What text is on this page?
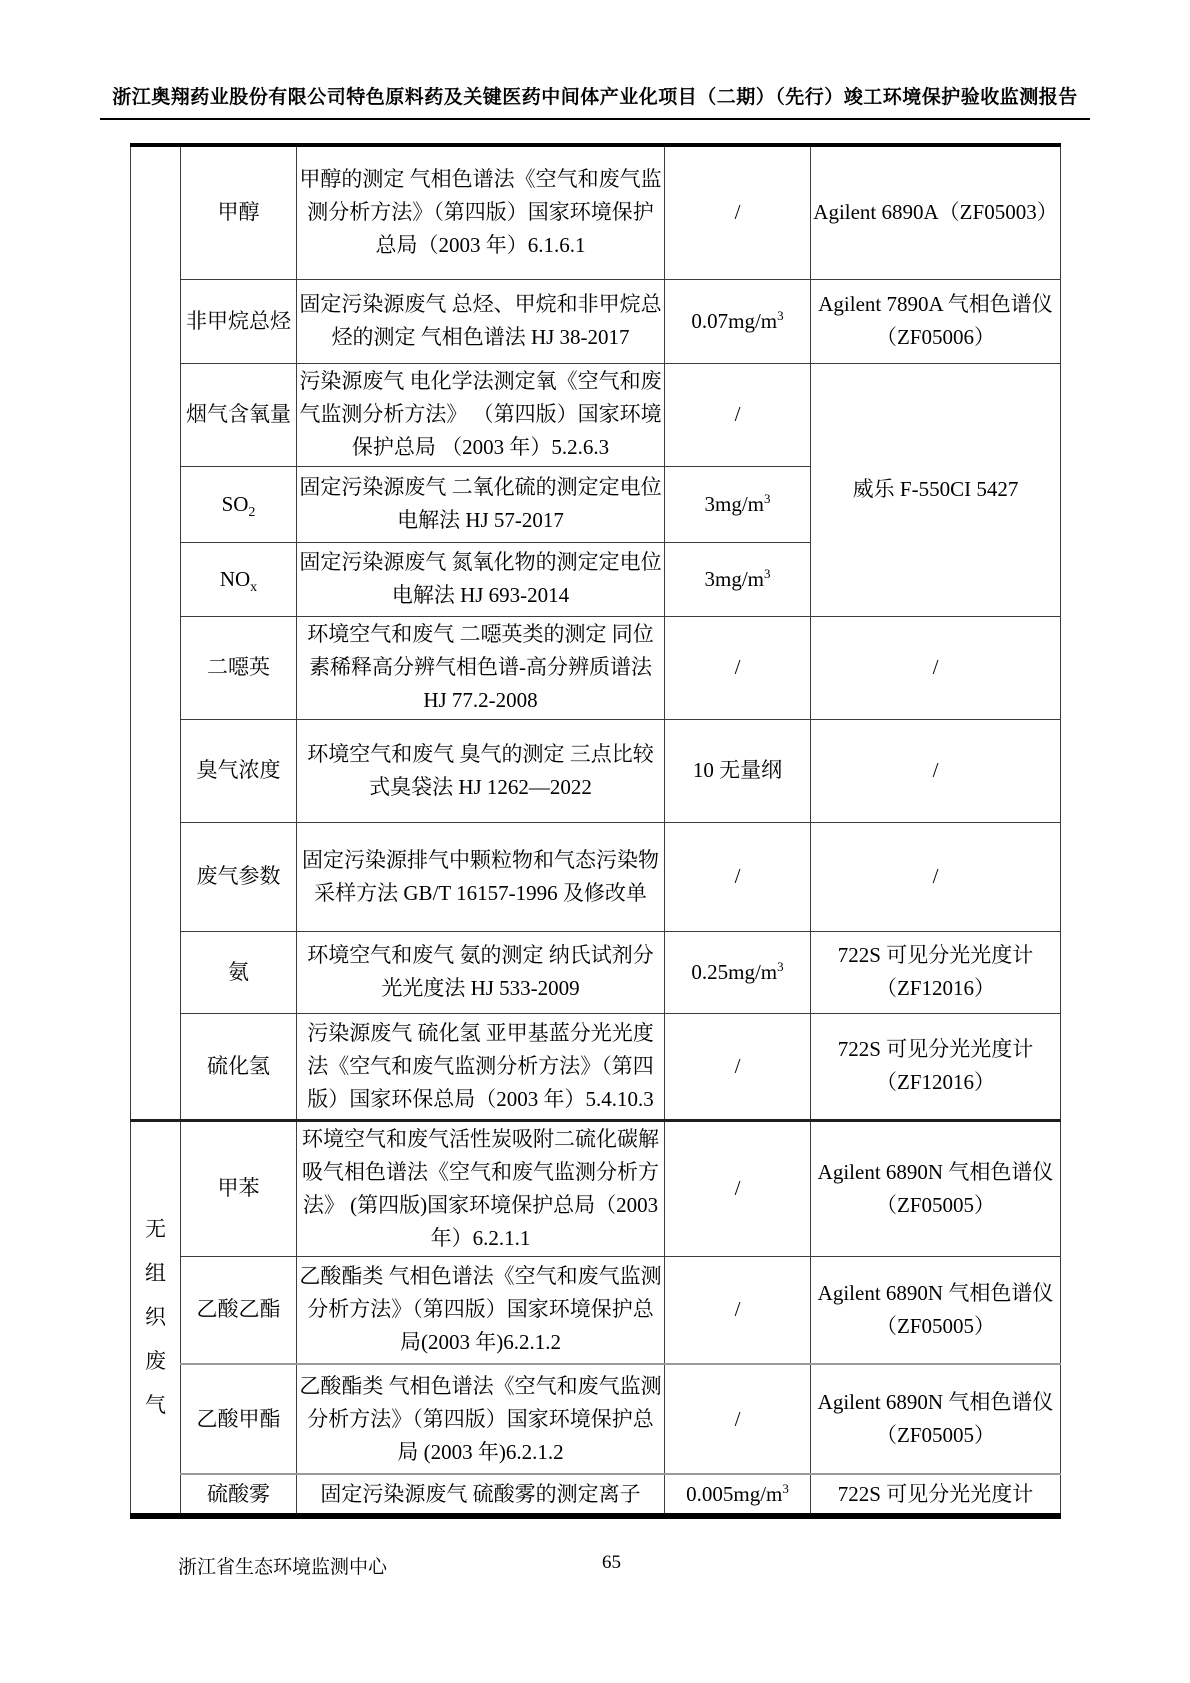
浙江奥翔药业股份有限公司特色原料药及关键医药中间体产业化项目（二期）（先行）竣工环境保护验收监测报告
	甲醇	甲醇的测定 气相色谱法《空气和废气监测分析方法》（第四版）国家环境保护总局（2003 年）6.1.6.1	/	Agilent 6890A（ZF05003）
	非甲烷总烃	固定污染源废气 总烃、甲烷和非甲烷总烃的测定 气相色谱法 HJ 38-2017	$0.07mg/m^3$	Agilent 7890A 气相色谱仪（ZF05006）
	烟气含氧量	污染源废气 电化学法测定氧《空气和废气监测分析方法》 （第四版）国家环境保护总局 （2003 年）5.2.6.3	/	威乐 F-550CI 5427
	$SO_2$	固定污染源废气 二氧化硫的测定定电位电解法 HJ 57-2017	$3mg/m^3$
	$NO_x$	固定污染源废气 氮氧化物的测定定电位电解法 HJ 693-2014	$3mg/m^3$
	二噁英	环境空气和废气 二噁英类的测定 同位素稀释高分辨气相色谱-高分辨质谱法 HJ 77.2-2008	/	/
	臭气浓度	环境空气和废气 臭气的测定 三点比较式臭袋法 HJ 1262—2022	10 无量纲	/
	废气参数	固定污染源排气中颗粒物和气态污染物采样方法 GB/T 16157-1996 及修改单	/	/
	氨	环境空气和废气 氨的测定 纳氏试剂分光光度法 HJ 533-2009	$0.25mg/m^3$	722S 可见分光光度计（ZF12016）
	硫化氢	污染源废气 硫化氢 亚甲基蓝分光光度法《空气和废气监测分析方法》（第四版）国家环保总局（2003 年）5.4.10.3	/	722S 可见分光光度计（ZF12016）

无
组
织
废
气	甲苯	环境空气和废气活性炭吸附二硫化碳解吸气相色谱法《空气和废气监测分析方法》 (第四版)国家环境保护总局（2003 年）6.2.1.1	/	Agilent 6890N 气相色谱仪（ZF05005）
	乙酸乙酯	乙酸酯类 气相色谱法《空气和废气监测分析方法》（第四版）国家环境保护总局(2003 年)6.2.1.2	/	Agilent 6890N 气相色谱仪（ZF05005）
	乙酸甲酯	乙酸酯类 气相色谱法《空气和废气监测分析方法》（第四版）国家环境保护总局 (2003 年)6.2.1.2	/	Agilent 6890N 气相色谱仪（ZF05005）
	硫酸雾	固定污染源废气 硫酸雾的测定离子	$0.005mg/m^3$	722S 可见分光光度计
浙江省生态环境监测中心	65
